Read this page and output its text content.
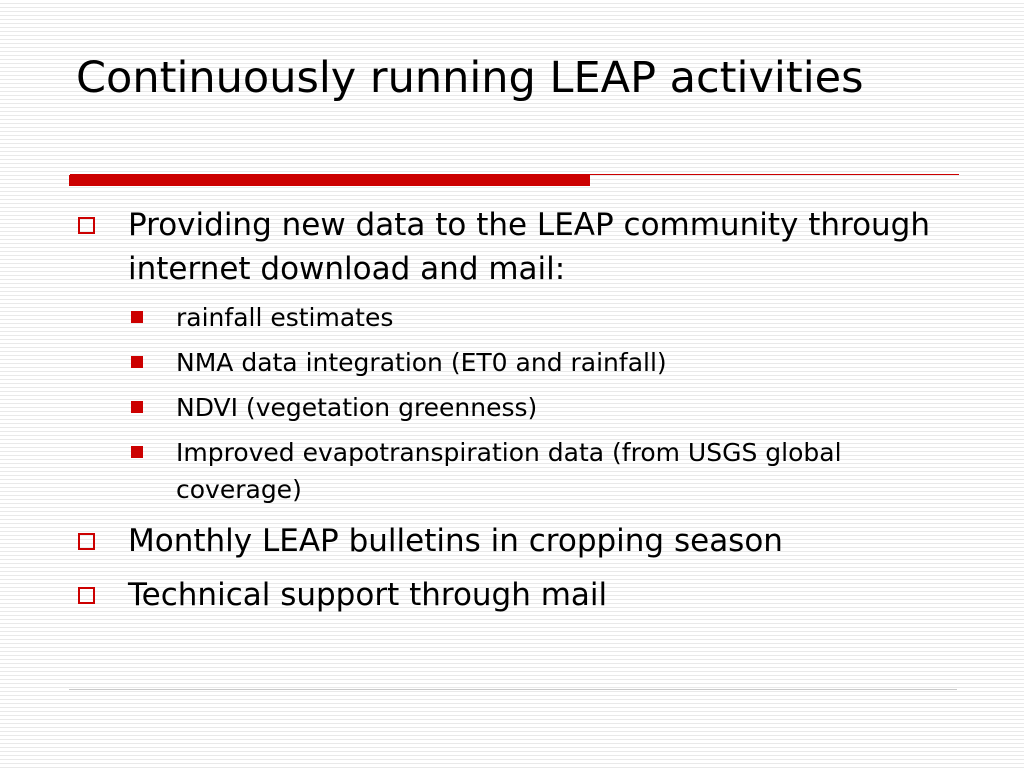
Continuously running LEAP activities
Providing new data to the LEAP community through internet download and mail:
rainfall estimates
NMA data integration (ET0 and rainfall)
NDVI (vegetation greenness)
Improved evapotranspiration data (from USGS global coverage)
Monthly LEAP bulletins in cropping season
Technical support through mail
